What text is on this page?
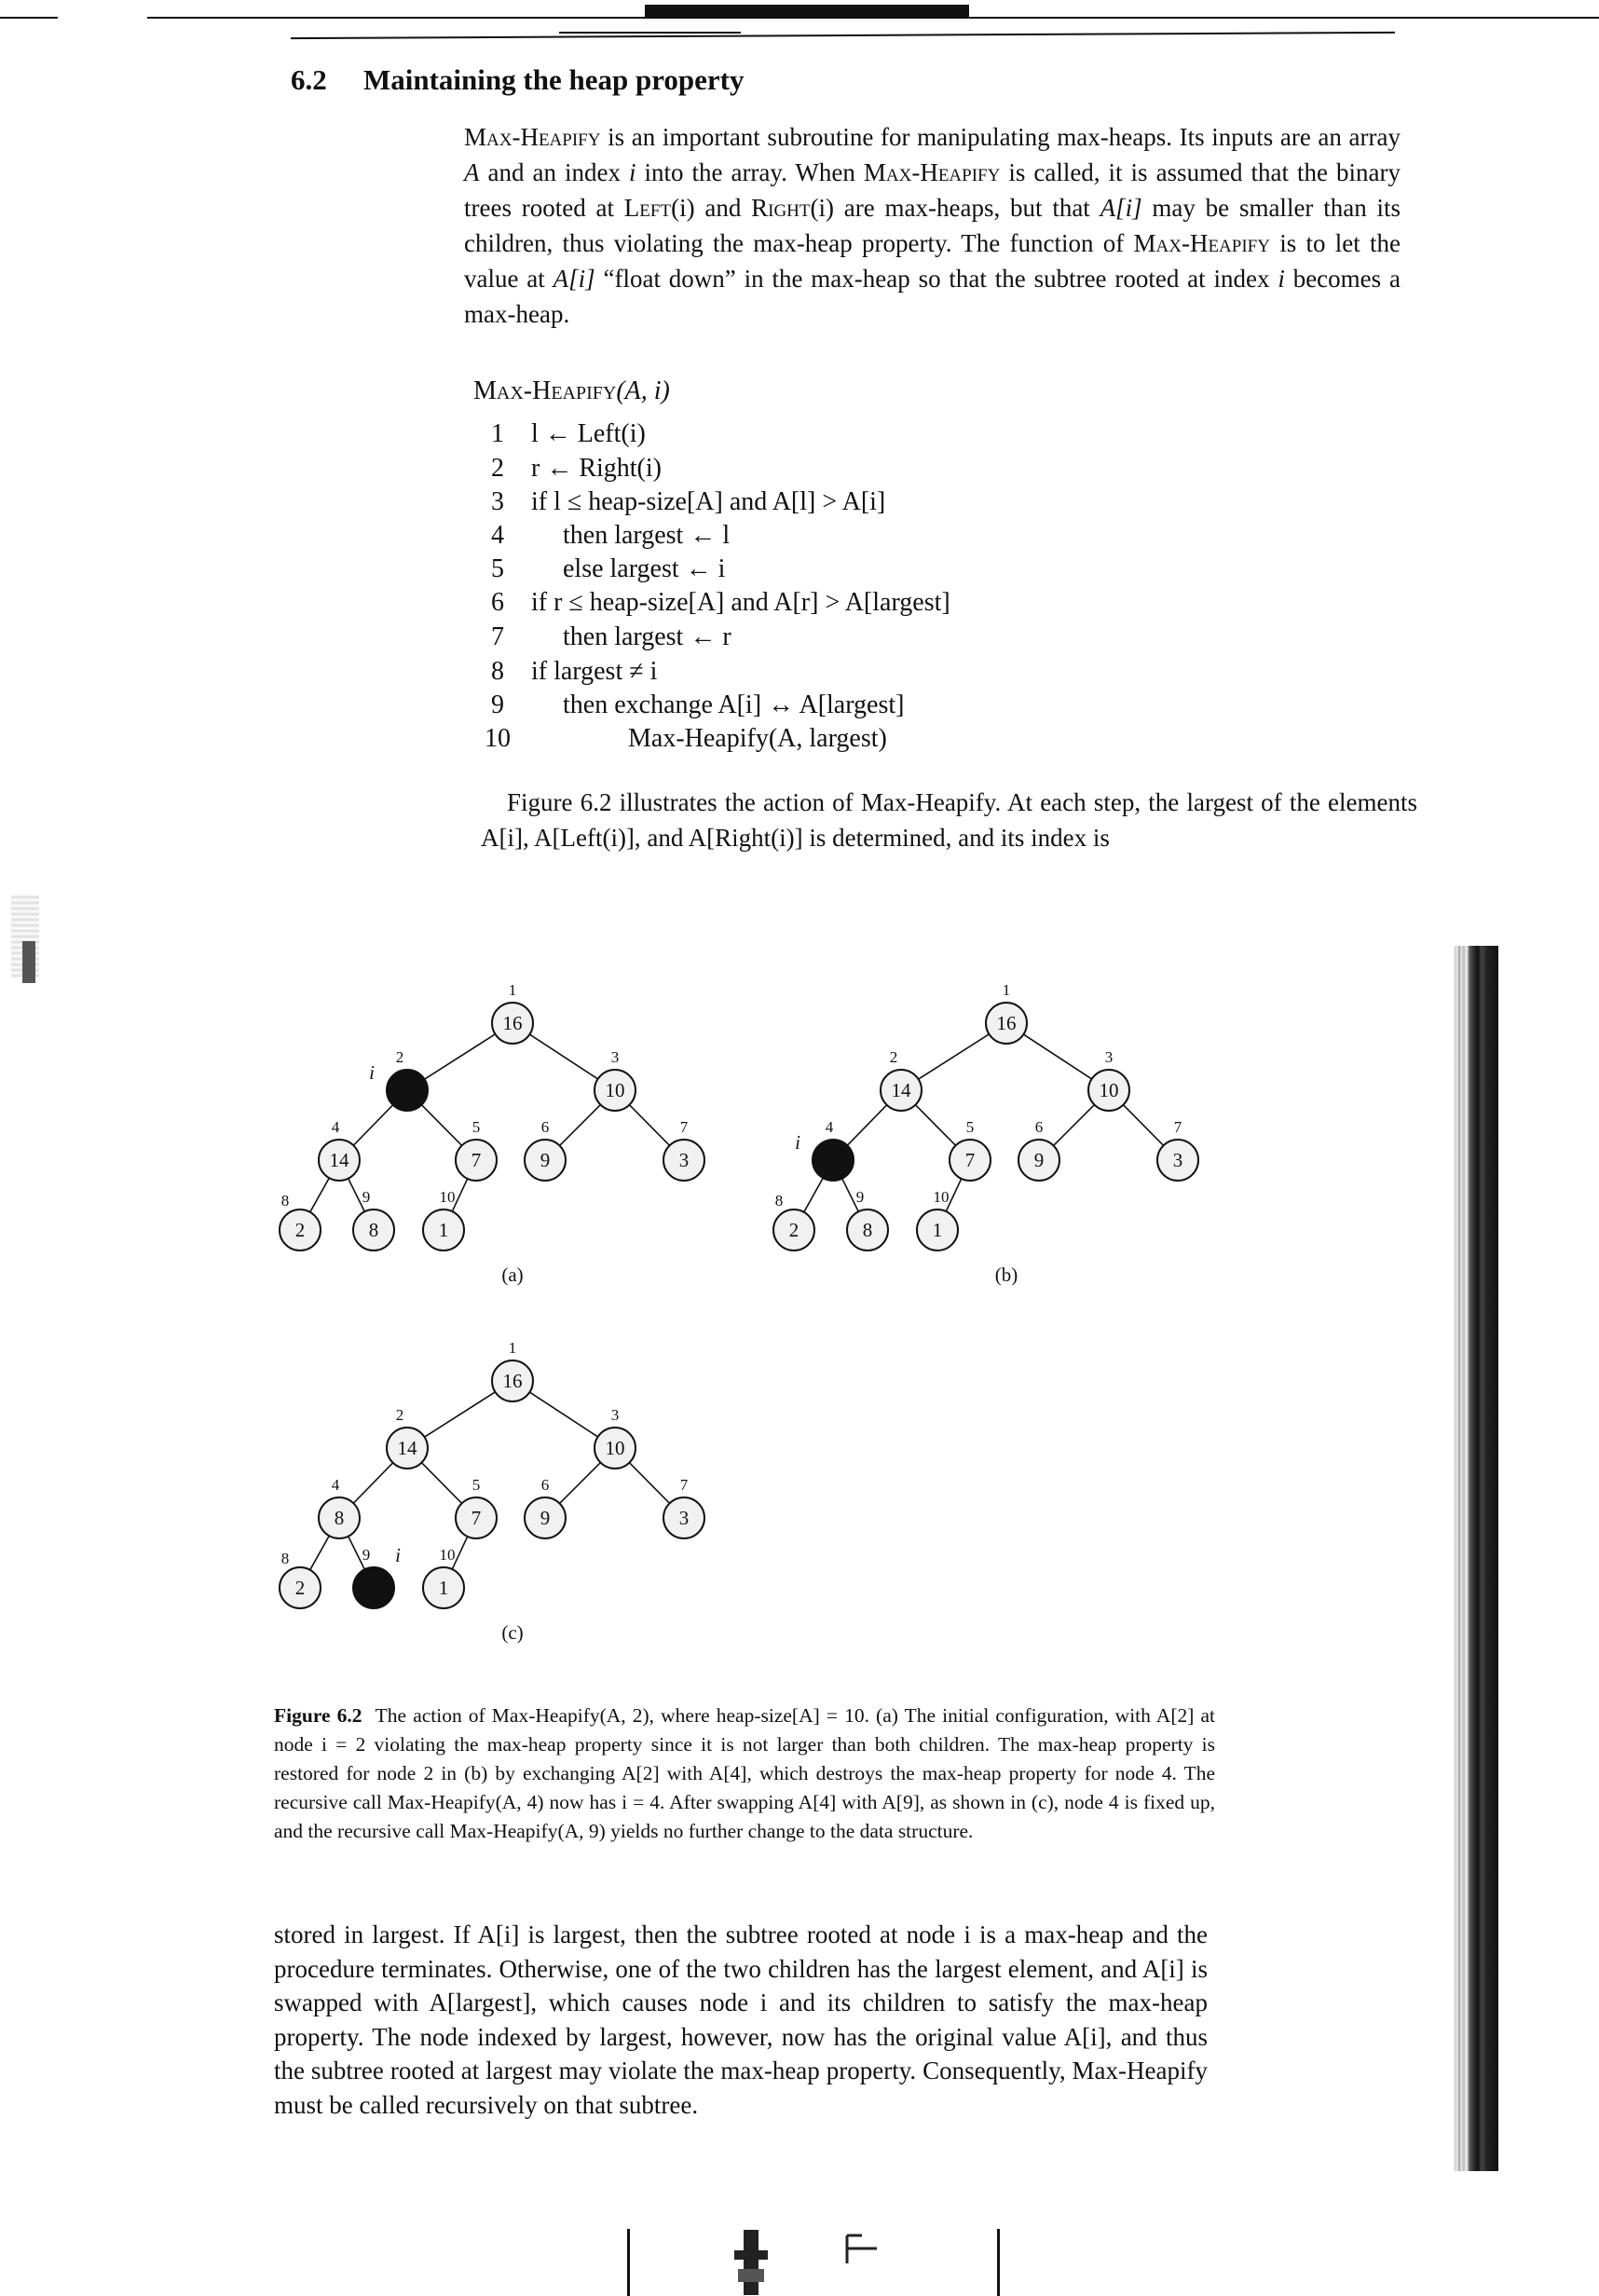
6.2 Maintaining the heap property

Max-Heapify is an important subroutine for manipulating max-heaps. Its inputs are an array A and an index i into the array. When Max-Heapify is called, it is assumed that the binary trees rooted at Left(i) and Right(i) are max-heaps, but that A[i] may be smaller than its children, thus violating the max-heap property. The function of Max-Heapify is to let the value at A[i] “float down” in the max-heap so that the subtree rooted at index i becomes a max-heap.

Max-Heapify(A, i)
1	l ← Left(i)
2	r ← Right(i)
3	if l ≤ heap-size[A] and A[l] > A[i]
4	then largest ← l
5	else largest ← i
6	if r ≤ heap-size[A] and A[r] > A[largest]
7	then largest ← r
8	if largest ≠ i
9	then exchange A[i] ↔ A[largest]
10	Max-Heapify(A, largest)

Figure 6.2 illustrates the action of Max-Heapify. At each step, the largest of the elements A[i], A[Left(i)], and A[Right(i)] is determined, and its index is

1
16
2
i
3
10
4
14
5
7
6
9
7
3
8
2
9
8
10
1
(a)
1
16
2
14
3
10
4
i
5
7
6
9
7
3
8
2
9
8
10
1
(b)
1
16
2
14
3
10
4
8
5
7
6
9
7
3
8
2
9 i 10
1
(c)

Figure 6.2 The action of Max-Heapify(A, 2), where heap-size[A] = 10. (a) The initial configuration, with A[2] at node i = 2 violating the max-heap property since it is not larger than both children. The max-heap property is restored for node 2 in (b) by exchanging A[2] with A[4], which destroys the max-heap property for node 4. The recursive call Max-Heapify(A, 4) now has i = 4. After swapping A[4] with A[9], as shown in (c), node 4 is fixed up, and the recursive call Max-Heapify(A, 9) yields no further change to the data structure.

stored in largest. If A[i] is largest, then the subtree rooted at node i is a max-heap and the procedure terminates. Otherwise, one of the two children has the largest element, and A[i] is swapped with A[largest], which causes node i and its children to satisfy the max-heap property. The node indexed by largest, however, now has the original value A[i], and thus the subtree rooted at largest may violate the max-heap property. Consequently, Max-Heapify must be called recursively on that subtree.
